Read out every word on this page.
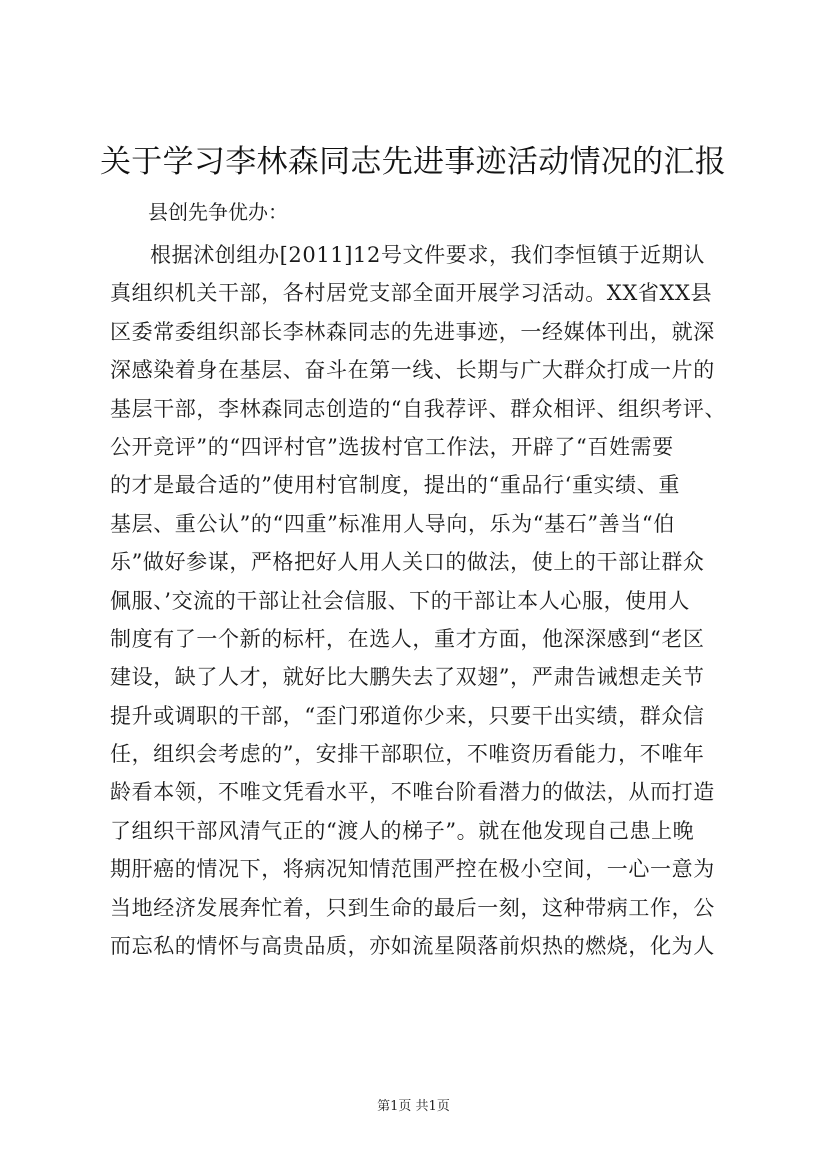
关于学习李林森同志先进事迹活动情况的汇报
县创先争优办：
根据沭创组办[2011]12号文件要求，我们李恒镇于近期认
真组织机关干部，各村居党支部全面开展学习活动。XX省XX县
区委常委组织部长李林森同志的先进事迹，一经媒体刊出，就深
深感染着身在基层、奋斗在第一线、长期与广大群众打成一片的
基层干部，李林森同志创造的“自我荐评、群众相评、组织考评、
公开竞评”的“四评村官”选拔村官工作法，开辟了“百姓需要
的才是最合适的”使用村官制度，提出的“重品行‘重实绩、重
基层、重公认”的“四重”标准用人导向，乐为“基石”善当“伯
乐”做好参谋，严格把好人用人关口的做法，使上的干部让群众
佩服、’交流的干部让社会信服、下的干部让本人心服，使用人
制度有了一个新的标杆，在选人，重才方面，他深深感到“老区
建设，缺了人才，就好比大鹏失去了双翅”，严肃告诫想走关节
提升或调职的干部，“歪门邪道你少来，只要干出实绩，群众信
任，组织会考虑的”，安排干部职位，不唯资历看能力，不唯年
龄看本领，不唯文凭看水平，不唯台阶看潜力的做法，从而打造
了组织干部风清气正的“渡人的梯子”。就在他发现自己患上晚
期肝癌的情况下，将病况知情范围严控在极小空间，一心一意为
当地经济发展奔忙着，只到生命的最后一刻，这种带病工作，公
而忘私的情怀与高贵品质，亦如流星陨落前炽热的燃烧，化为人
第1页 共1页
